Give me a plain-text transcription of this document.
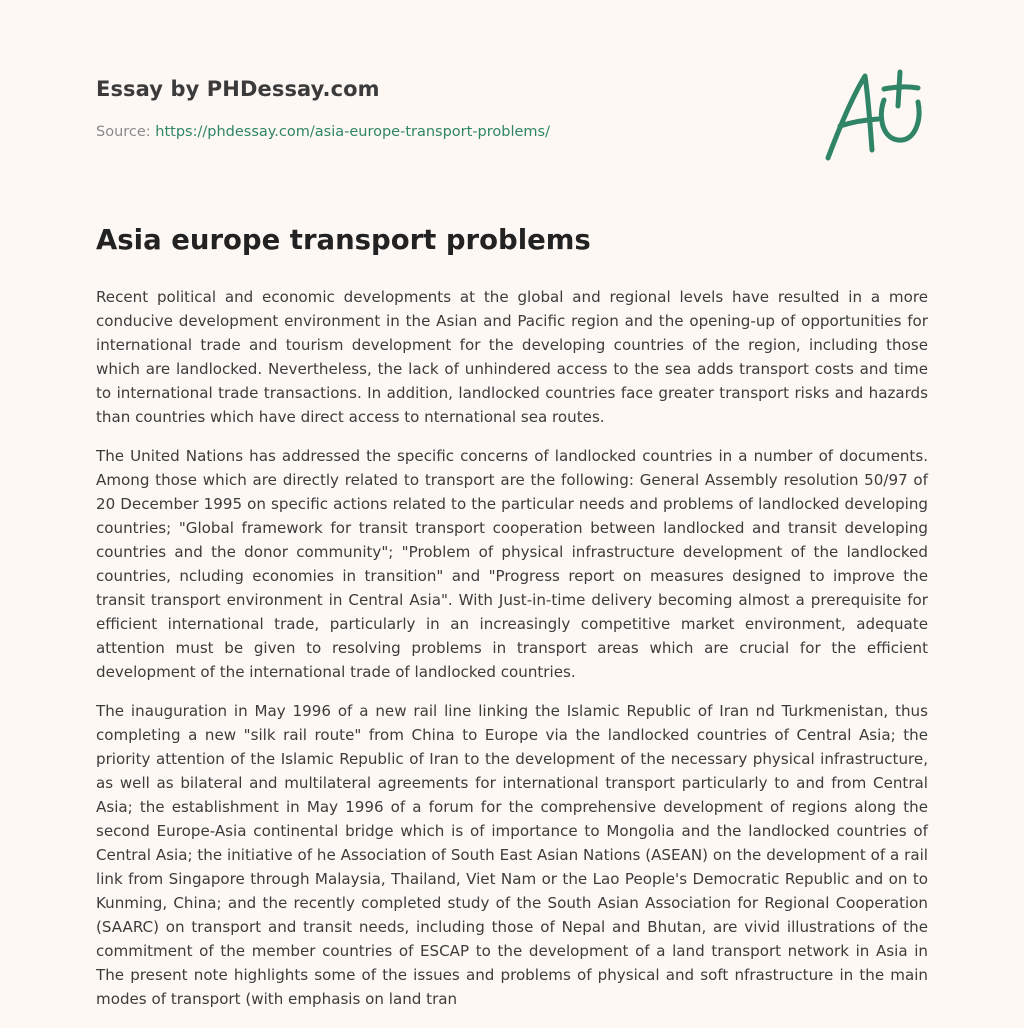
Essay by PHDessay.com
Source: https://phdessay.com/asia-europe-transport-problems/
Asia europe transport problems

Recent political and economic developments at the global and regional levels have resulted in a more conducive development environment in the Asian and Pacific region and the opening-up of opportunities for international trade and tourism development for the developing countries of the region, including those which are landlocked. Nevertheless, the lack of unhindered access to the sea adds transport costs and time to international trade transactions. In addition, landlocked countries face greater transport risks and hazards than countries which have direct access to nternational sea routes.

The United Nations has addressed the specific concerns of landlocked countries in a number of documents. Among those which are directly related to transport are the following: General Assembly resolution 50/97 of 20 December 1995 on specific actions related to the particular needs and problems of landlocked developing countries; "Global framework for transit transport cooperation between landlocked and transit developing countries and the donor community"; "Problem of physical infrastructure development of the landlocked countries, ncluding economies in transition" and "Progress report on measures designed to improve the transit transport environment in Central Asia". With Just-in-time delivery becoming almost a prerequisite for efficient international trade, particularly in an increasingly competitive market environment, adequate attention must be given to resolving problems in transport areas which are crucial for the efficient development of the international trade of landlocked countries.

The inauguration in May 1996 of a new rail line linking the Islamic Republic of Iran nd Turkmenistan, thus completing a new "silk rail route" from China to Europe via the landlocked countries of Central Asia; the priority attention of the Islamic Republic of Iran to the development of the necessary physical infrastructure, as well as bilateral and multilateral agreements for international transport particularly to and from Central Asia; the establishment in May 1996 of a forum for the comprehensive development of regions along the second Europe-Asia continental bridge which is of importance to Mongolia and the landlocked countries of Central Asia; the initiative of he Association of South East Asian Nations (ASEAN) on the development of a rail link from Singapore through Malaysia, Thailand, Viet Nam or the Lao People's Democratic Republic and on to Kunming, China; and the recently completed study of the South Asian Association for Regional Cooperation (SAARC) on transport and transit needs, including those of Nepal and Bhutan, are vivid illustrations of the commitment of the member countries of ESCAP to the development of a land transport network in Asia in The present note highlights some of the issues and problems of physical and soft nfrastructure in the main modes of transport (with emphasis on land tran
